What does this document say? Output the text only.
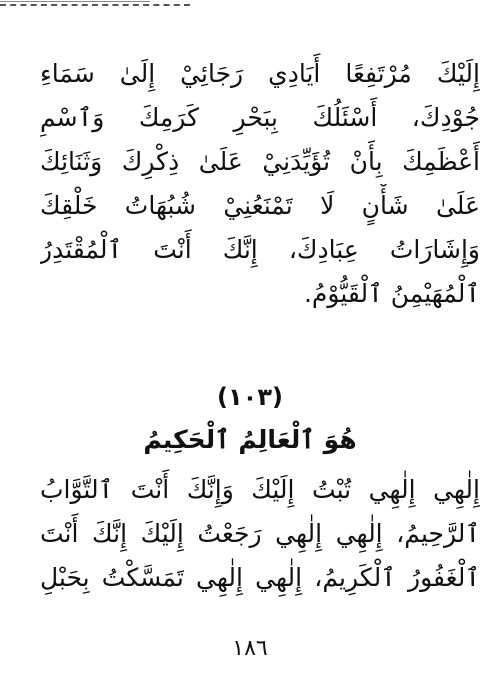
إِلَيْكَ مُرْتَفِعًا أَيَادِي رَجَائِيْ إِلَىٰ سَمَاءِ
جُوْدِكَ، أَسْئَلُكَ بِبَحْرِ كَرَمِكَ وَٱسْمِ
أَعْظَمِكَ بِأَنْ تُؤَيِّدَنِيْ عَلَىٰ ذِكْرِكَ وَثَنَائِكَ
عَلَىٰ شَأْنٍ لَا تَمْنَعُنِيْ شُبُهَاتُ خَلْقِكَ
وَإِشَارَاتُ عِبَادِكَ، إِنَّكَ أَنْتَ ٱلْمُقْتَدِرُ
ٱلْمُهَيْمِنُ ٱلْقَيُّوْمُ.
(١٠٣)
هُوَ ٱلْعَالِمُ ٱلْحَكِيمُ
إِلٰهِي إِلٰهِي تُبْتُ إِلَيْكَ وَإِنَّكَ أَنْتَ ٱلتَّوَّابُ
ٱلرَّحِيمُ، إِلٰهِي إِلٰهِي رَجَعْتُ إِلَيْكَ إِنَّكَ أَنْتَ
ٱلْغَفُورُ ٱلْكَرِيمُ، إِلٰهِي إِلٰهِي تَمَسَّكْتُ بِحَبْلِ
١٨٦
